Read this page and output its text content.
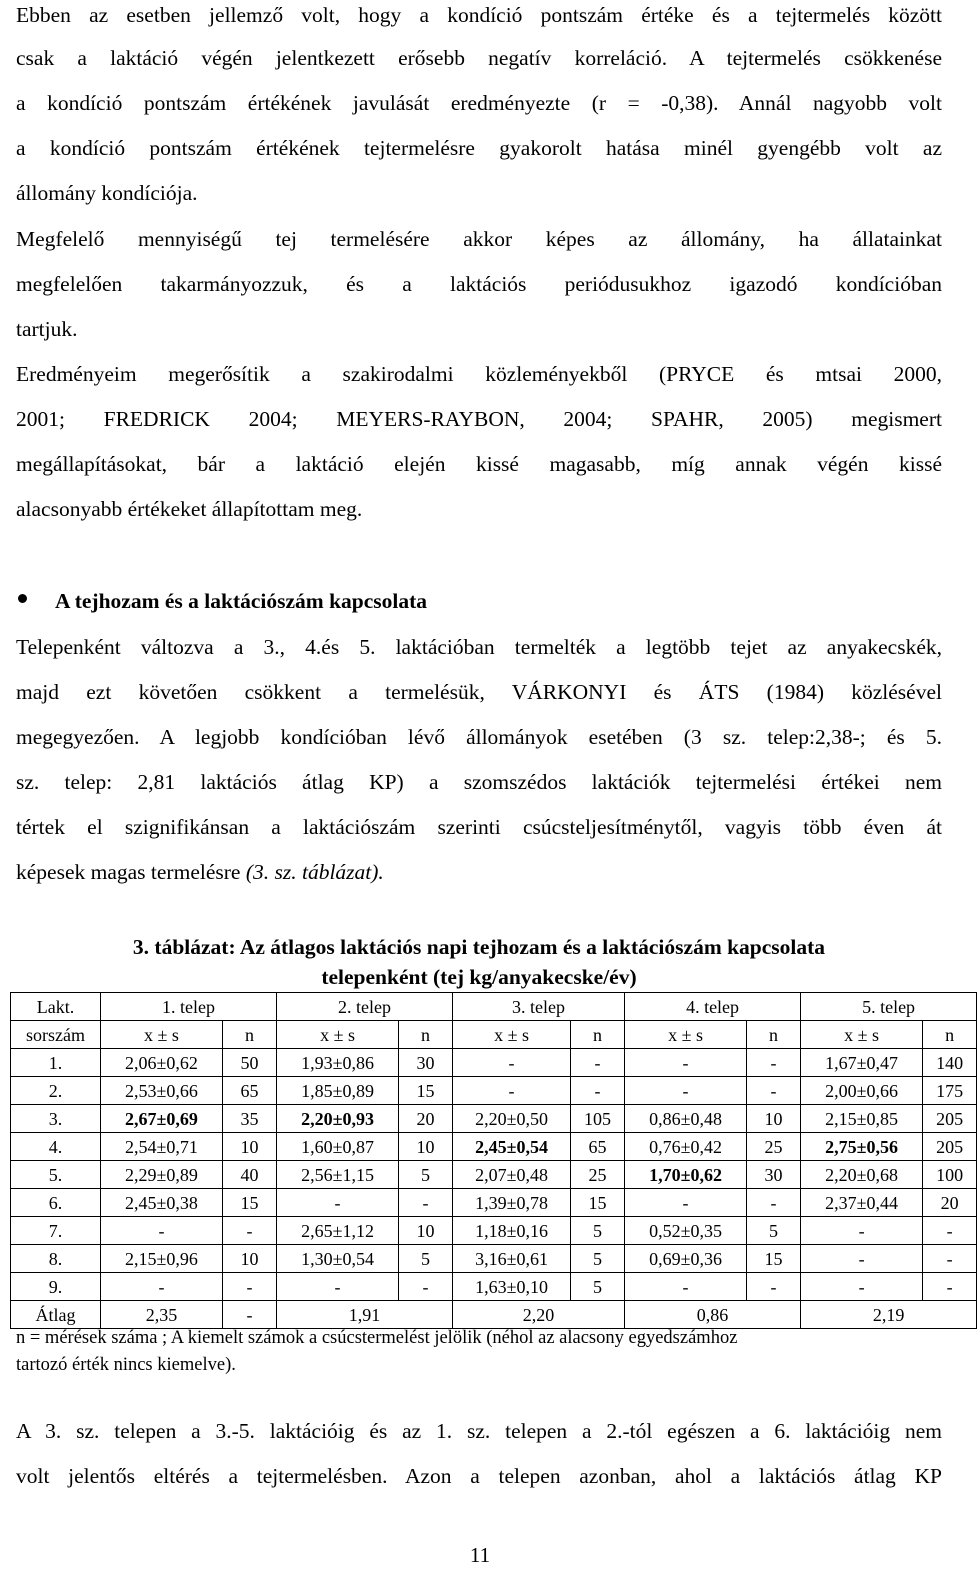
Ebben az esetben jellemző volt, hogy a kondíció pontszám értéke és a tejtermelés között
csak a laktáció végén jelentkezett erősebb negatív korreláció. A tejtermelés csökkenése
a kondíció pontszám értékének javulását eredményezte (r = -0,38). Annál nagyobb volt
a kondíció pontszám értékének tejtermelésre gyakorolt hatása minél gyengébb volt az
állomány kondíciója.
Megfelelő mennyiségű tej termelésére akkor képes az állomány, ha állatainkat
megfelelően takarmányozzuk, és a laktációs periódusukhoz igazodó kondícióban
tartjuk.
Eredményeim megerősítik a szakirodalmi közleményekből (PRYCE és mtsai 2000,
2001; FREDRICK 2004; MEYERS-RAYBON, 2004; SPAHR, 2005) megismert
megállapításokat, bár a laktáció elején kissé magasabb, míg annak végén kissé
alacsonyabb értékeket állapítottam meg.
A tejhozam és a laktációszám kapcsolata
Telepenként változva a 3., 4.és 5. laktációban termelték a legtöbb tejet az anyakecskék,
majd ezt követően csökkent a termelésük, VÁRKONYI és ÁTS (1984) közlésével
megegyezően. A legjobb kondícióban lévő állományok esetében (3 sz. telep:2,38-; és 5.
sz. telep: 2,81 laktációs átlag KP) a szomszédos laktációk tejtermelési értékei nem
tértek el szignifikánsan a laktációszám szerinti csúcsteljesítménytől, vagyis több éven át
képesek magas termelésre (3. sz. táblázat).
3. táblázat: Az átlagos laktációs napi tejhozam és a laktációszám kapcsolata
telepenként (tej kg/anyakecske/év)
Lakt.	1. telep		2. telep		3. telep		4. telep		5. telep	
sorszám	x ± s	n	x ± s	n	x ± s	n	x ± s	n	x ± s	n
1.	2,06±0,62	50	1,93±0,86	30	-	-	-	-	1,67±0,47	140
2.	2,53±0,66	65	1,85±0,89	15	-	-	-	-	2,00±0,66	175
3.	2,67±0,69	35	2,20±0,93	20	2,20±0,50	105	0,86±0,48	10	2,15±0,85	205
4.	2,54±0,71	10	1,60±0,87	10	2,45±0,54	65	0,76±0,42	25	2,75±0,56	205
5.	2,29±0,89	40	2,56±1,15	5	2,07±0,48	25	1,70±0,62	30	2,20±0,68	100
6.	2,45±0,38	15	-	-	1,39±0,78	15	-	-	2,37±0,44	20
7.	-	-	2,65±1,12	10	1,18±0,16	5	0,52±0,35	5	-	-
8.	2,15±0,96	10	1,30±0,54	5	3,16±0,61	5	0,69±0,36	15	-	-
9.	-	-	-	-	1,63±0,10	5	-	-	-	-
Átlag	2,35	-	1,91		2,20		0,86		2,19	
n = mérések száma ; A kiemelt számok a csúcstermelést jelölik (néhol az alacsony egyedszámhoz
tartozó érték nincs kiemelve).
A 3. sz. telepen a 3.-5. laktációig és az 1. sz. telepen a 2.-tól egészen a 6. laktációig nem
volt jelentős eltérés a tejtermelésben. Azon a telepen azonban, ahol a laktációs átlag KP
11
